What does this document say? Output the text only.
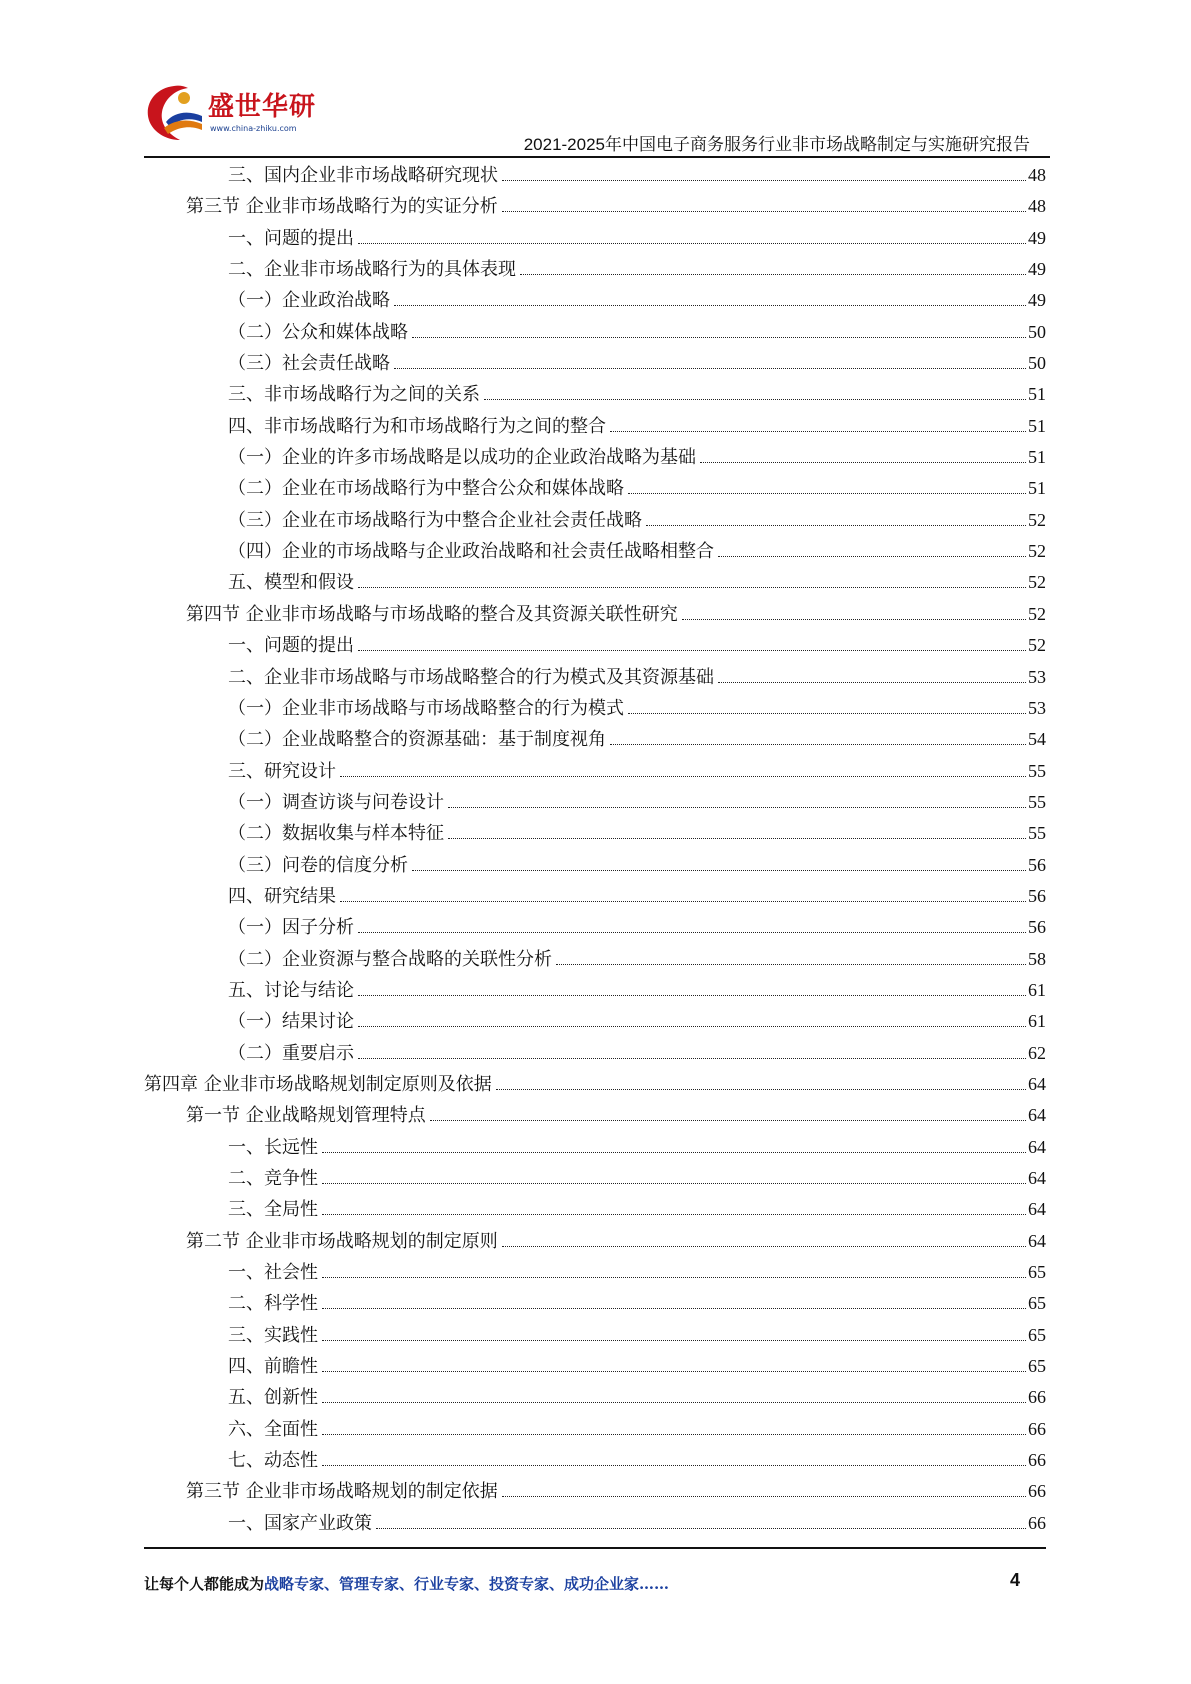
盛世华研
www.china-zhiku.com
2021-2025年中国电子商务服务行业非市场战略制定与实施研究报告
三、国内企业非市场战略研究现状	48
第三节 企业非市场战略行为的实证分析	48
一、问题的提出	49
二、企业非市场战略行为的具体表现	49
（一）企业政治战略	49
（二）公众和媒体战略	50
（三）社会责任战略	50
三、非市场战略行为之间的关系	51
四、非市场战略行为和市场战略行为之间的整合	51
（一）企业的许多市场战略是以成功的企业政治战略为基础	51
（二）企业在市场战略行为中整合公众和媒体战略	51
（三）企业在市场战略行为中整合企业社会责任战略	52
（四）企业的市场战略与企业政治战略和社会责任战略相整合	52
五、模型和假设	52
第四节 企业非市场战略与市场战略的整合及其资源关联性研究	52
一、问题的提出	52
二、企业非市场战略与市场战略整合的行为模式及其资源基础	53
（一）企业非市场战略与市场战略整合的行为模式	53
（二）企业战略整合的资源基础：基于制度视角	54
三、研究设计	55
（一）调查访谈与问卷设计	55
（二）数据收集与样本特征	55
（三）问卷的信度分析	56
四、研究结果	56
（一）因子分析	56
（二）企业资源与整合战略的关联性分析	58
五、讨论与结论	61
（一）结果讨论	61
（二）重要启示	62
第四章 企业非市场战略规划制定原则及依据	64
第一节 企业战略规划管理特点	64
一、长远性	64
二、竞争性	64
三、全局性	64
第二节 企业非市场战略规划的制定原则	64
一、社会性	65
二、科学性	65
三、实践性	65
四、前瞻性	65
五、创新性	66
六、全面性	66
七、动态性	66
第三节 企业非市场战略规划的制定依据	66
一、国家产业政策	66
让每个人都能成为战略专家、管理专家、行业专家、投资专家、成功企业家……	4
